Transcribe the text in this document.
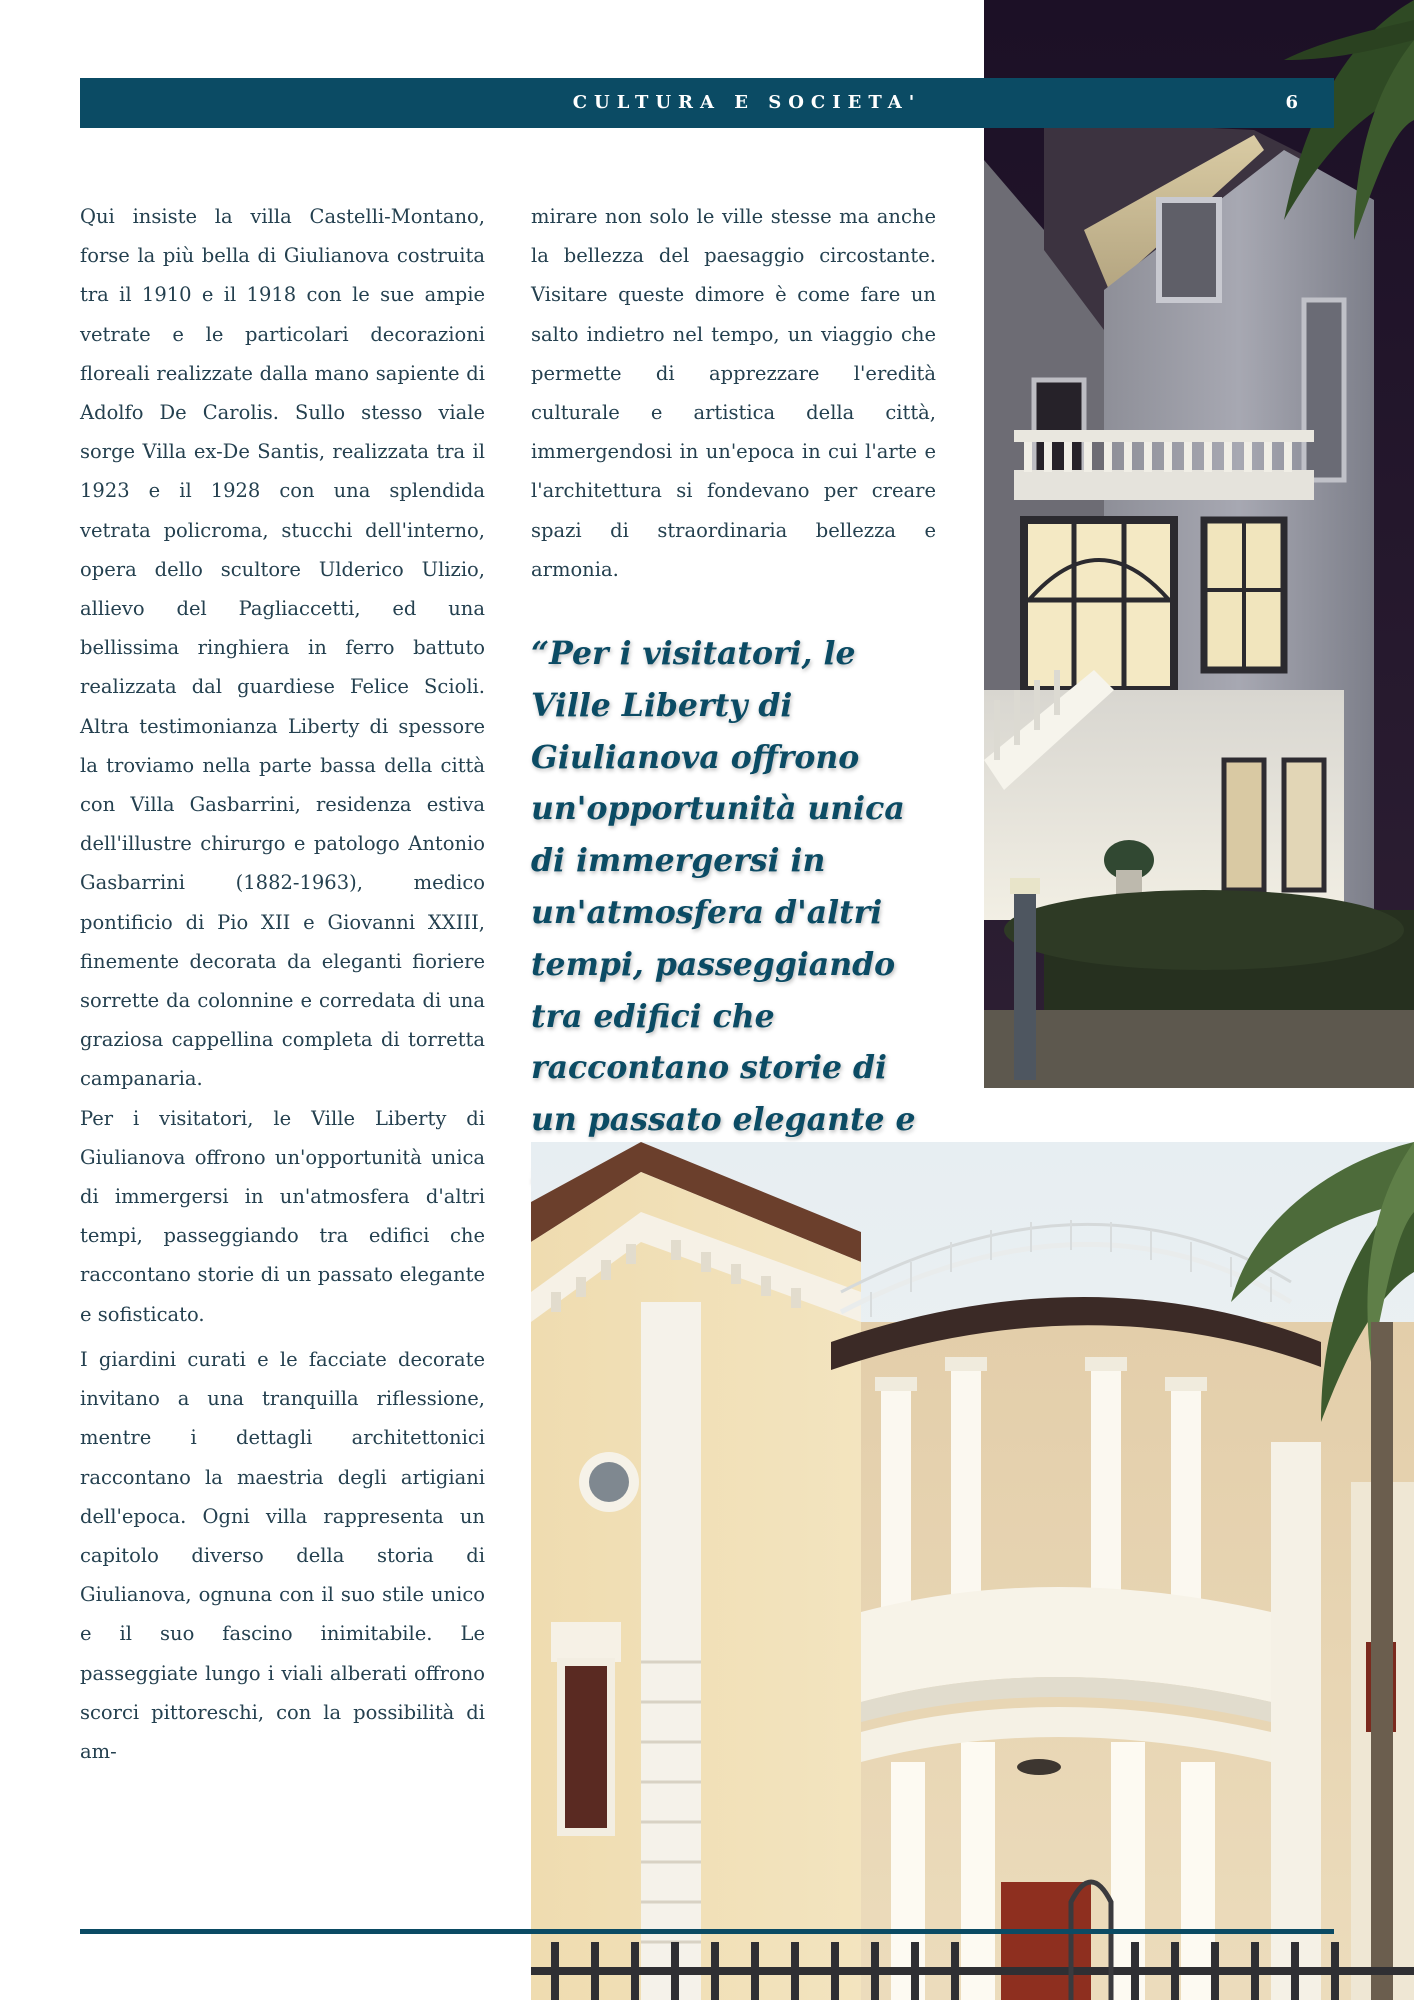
CULTURA E SOCIETA'	6

Qui insiste la villa Castelli-Montano, forse la più bella di Giulianova costruita tra il 1910 e il 1918 con le sue ampie vetrate e le particolari decorazioni floreali realizzate dalla mano sapiente di Adolfo De Carolis. Sullo stesso viale sorge Villa ex-De Santis, realizzata tra il 1923 e il 1928 con una splendida vetrata policroma, stucchi dell'interno, opera dello scultore Ulderico Ulizio, allievo del Pagliaccetti, ed una bellissima ringhiera in ferro battuto realizzata dal guardiese Felice Scioli. Altra testimonianza Liberty di spessore la troviamo nella parte bassa della città con Villa Gasbarrini, residenza estiva dell'illustre chirurgo e patologo Antonio Gasbarrini (1882-1963), medico pontificio di Pio XII e Giovanni XXIII, finemente decorata da eleganti fioriere sorrette da colonnine e corredata di una graziosa cappellina completa di torretta campanaria.

Per i visitatori, le Ville Liberty di Giulianova offrono un'opportunità unica di immergersi in un'atmosfera d'altri tempi, passeggiando tra edifici che raccontano storie di un passato elegante e sofisticato.

I giardini curati e le facciate decorate invitano a una tranquilla riflessione, mentre i dettagli architettonici raccontano la maestria degli artigiani dell'epoca. Ogni villa rappresenta un capitolo diverso della storia di Giulianova, ognuna con il suo stile unico e il suo fascino inimitabile. Le passeggiate lungo i viali alberati offrono scorci pittoreschi, con la possibilità di am-

mirare non solo le ville stesse ma anche la bellezza del paesaggio circostante. Visitare queste dimore è come fare un salto indietro nel tempo, un viaggio che permette di apprezzare l'eredità culturale e artistica della città, immergendosi in un'epoca in cui l'arte e l'architettura si fondevano per creare spazi di straordinaria bellezza e armonia.

“Per i visitatori, le Ville Liberty di Giulianova offrono un'opportunità unica di immergersi in un'atmosfera d'altri tempi, passeggiando tra edifici che raccontano storie di un passato elegante e
